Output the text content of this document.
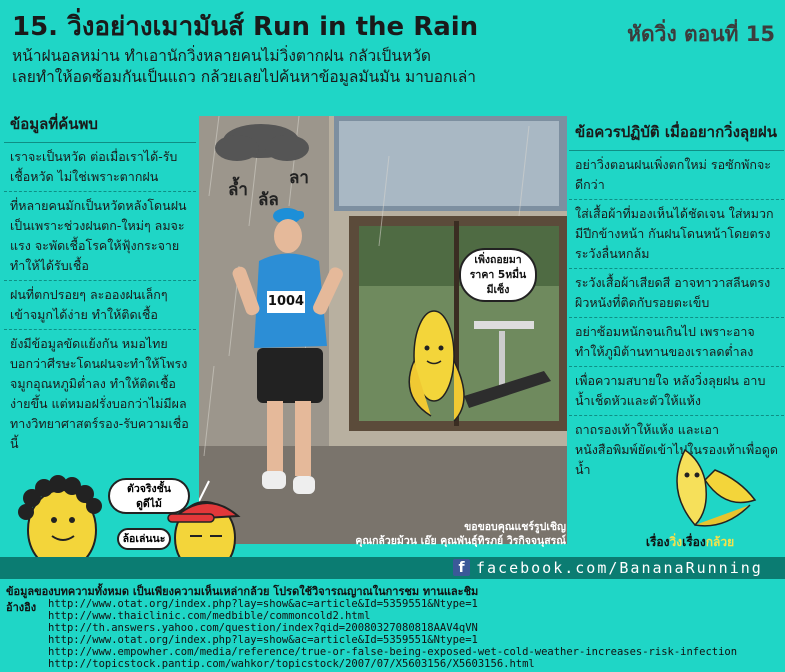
15. วิ่งอย่างเมามันส์ Run in the Rain	หัดวิ่ง ตอนที่ 15
หน้าฝนอลหม่าน ทำเอานักวิ่งหลายคนไม่วิ่งตากฝน กลัวเป็นหวัด
เลยทำให้อดซ้อมกันเป็นแถว กล้วยเลยไปค้นหาข้อมูลมันมัน มาบอกเล่า
ข้อมูลที่ค้นพบ
เราจะเป็นหวัด ต่อเมื่อเราได้-รับเชื้อหวัด ไม่ใช่เพราะตากฝน
ที่หลายคนมักเป็นหวัดหลังโดนฝน เป็นเพราะช่วงฝนตก-ใหม่ๆ ลมจะแรง จะพัดเชื้อโรคให้ฟุ้งกระจาย ทำให้ได้รับเชื้อ
ฝนที่ตกปรอยๆ ละอองฝนเล็กๆ เข้าจมูกได้ง่าย ทำให้ติดเชื้อ
ยังมีข้อมูลขัดแย้งกัน หมอไทยบอกว่าศีรษะโดนฝนจะทำให้โพรงจมูกอุณหภูมิต่ำลง ทำให้ติดเชื้อง่ายขึ้น แต่หมอฝรั่งบอกว่าไม่มีผลทางวิทยาศาสตร์รอง-รับความเชื่อนี้
ข้อควรปฏิบัติ เมื่ออยากวิ่งลุยฝน
อย่าวิ่งตอนฝนเพิ่งตกใหม่ รอซักพักจะดีกว่า
ใส่เสื้อผ้าที่มองเห็นได้ชัดเจน ใส่หมวกมีปีกข้างหน้า กันฝนโดนหน้าโดยตรง ระวังลื่นหกล้ม
ระวังเสื้อผ้าเสียดสี อาจทาวาสลีนตรงผิวหนังที่ติดกับรอยตะเข็บ
อย่าซ้อมหนักจนเกินไป เพราะอาจทำให้ภูมิต้านทานของเราลดต่ำลง
เพื่อความสบายใจ หลังวิ่งลุยฝน อาบน้ำเช็ดหัวและตัวให้แห้ง
ถาถรองเท้าให้แห้ง และเอาหนังสือพิมพ์ยัดเข้าไปในรองเท้าเพื่อดูดน้ำ
1004
ล้ำ ลัล
ลา
เพิ่งถอยมา
ราคา 5หมื่น
มีเซ็ง
ขอขอบคุณแชร์รูปเชิญ
คุณกล้วยม้วน เอ๊ย คุณพันธุ์ทิรภย์ วิรกิจจนุสรณ์
ตัวจริงชั้น
ดูดีไม้
ล้อเล่นนะ	เรื่องวิ่งเรื่องกล้วย
f facebook.com/BananaRunning
ข้อมูลของบทความทั้งหมด เป็นเพียงความเห็นเหล่ากล้วย โปรดใช้วิจารณญาณในการชม ทานและชิม
อ้างอิง http://www.otat.org/index.php?lay=show&ac=article&Id=5359551&Ntype=1
http://www.thaiclinic.com/medbible/commoncold2.html
http://th.answers.yahoo.com/question/index?qid=20080327080818AAV4qVN
http://www.otat.org/index.php?lay=show&ac=article&Id=5359551&Ntype=1
http://www.empowher.com/media/reference/true-or-false-being-exposed-wet-cold-weather-increases-risk-infection
http://topicstock.pantip.com/wahkor/topicstock/2007/07/X5603156/X5603156.html
